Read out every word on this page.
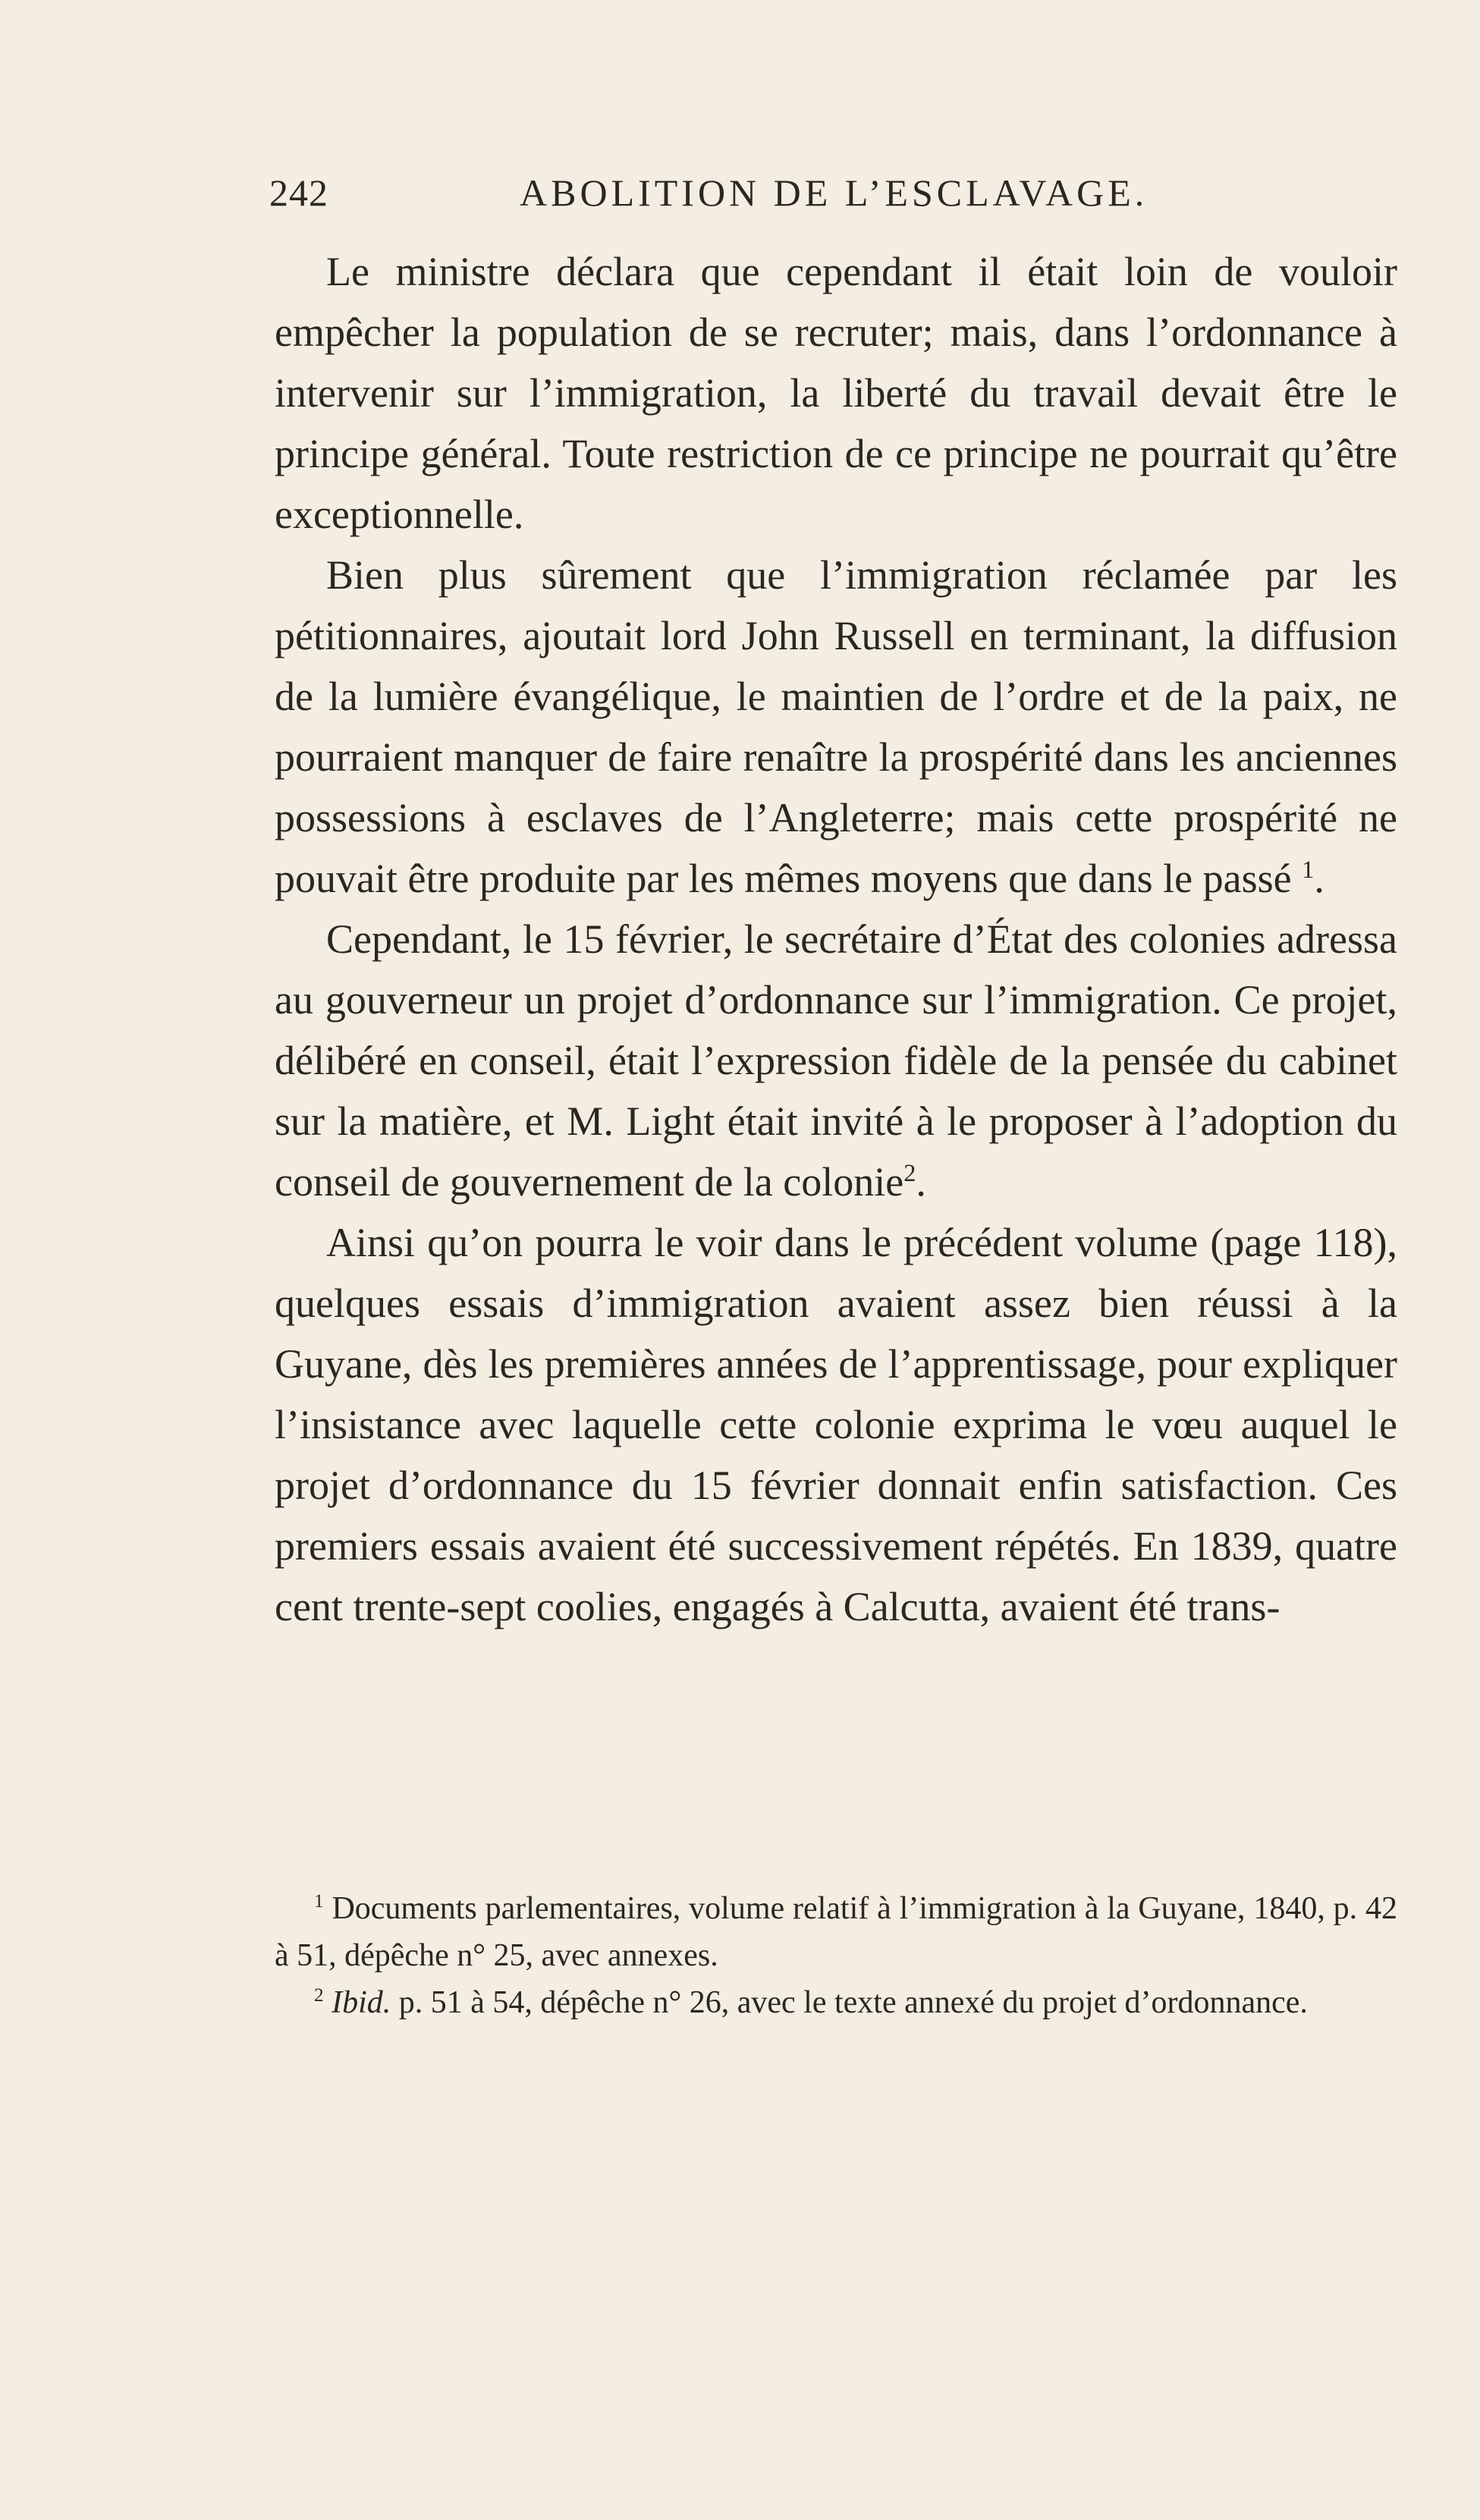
242	ABOLITION DE L’ESCLAVAGE.

Le ministre déclara que cependant il était loin de vouloir empêcher la population de se recruter; mais, dans l’ordonnance à intervenir sur l’immigration, la liberté du travail devait être le principe général. Toute restriction de ce principe ne pourrait qu’être exceptionnelle.

Bien plus sûrement que l’immigration réclamée par les pétitionnaires, ajoutait lord John Russell en terminant, la diffusion de la lumière évangélique, le maintien de l’ordre et de la paix, ne pourraient manquer de faire renaître la prospérité dans les anciennes possessions à esclaves de l’Angleterre; mais cette prospérité ne pouvait être produite par les mêmes moyens que dans le passé $^1$.

Cependant, le 15 février, le secrétaire d’État des colonies adressa au gouverneur un projet d’ordonnance sur l’immigration. Ce projet, délibéré en conseil, était l’expression fidèle de la pensée du cabinet sur la matière, et M. Light était invité à le proposer à l’adoption du conseil de gouvernement de la colonie$^2$.

Ainsi qu’on pourra le voir dans le précédent volume (page 118), quelques essais d’immigration avaient assez bien réussi à la Guyane, dès les premières années de l’apprentissage, pour expliquer l’insistance avec laquelle cette colonie exprima le vœu auquel le projet d’ordonnance du 15 février donnait enfin satisfaction. Ces premiers essais avaient été successivement répétés. En 1839, quatre cent trente-sept coolies, engagés à Calcutta, avaient été trans-

$^1$ Documents parlementaires, volume relatif à l’immigration à la Guyane, 1840, p. 42 à 51, dépêche n° 25, avec annexes.

$^2$ Ibid. p. 51 à 54, dépêche n° 26, avec le texte annexé du projet d’ordonnance.
